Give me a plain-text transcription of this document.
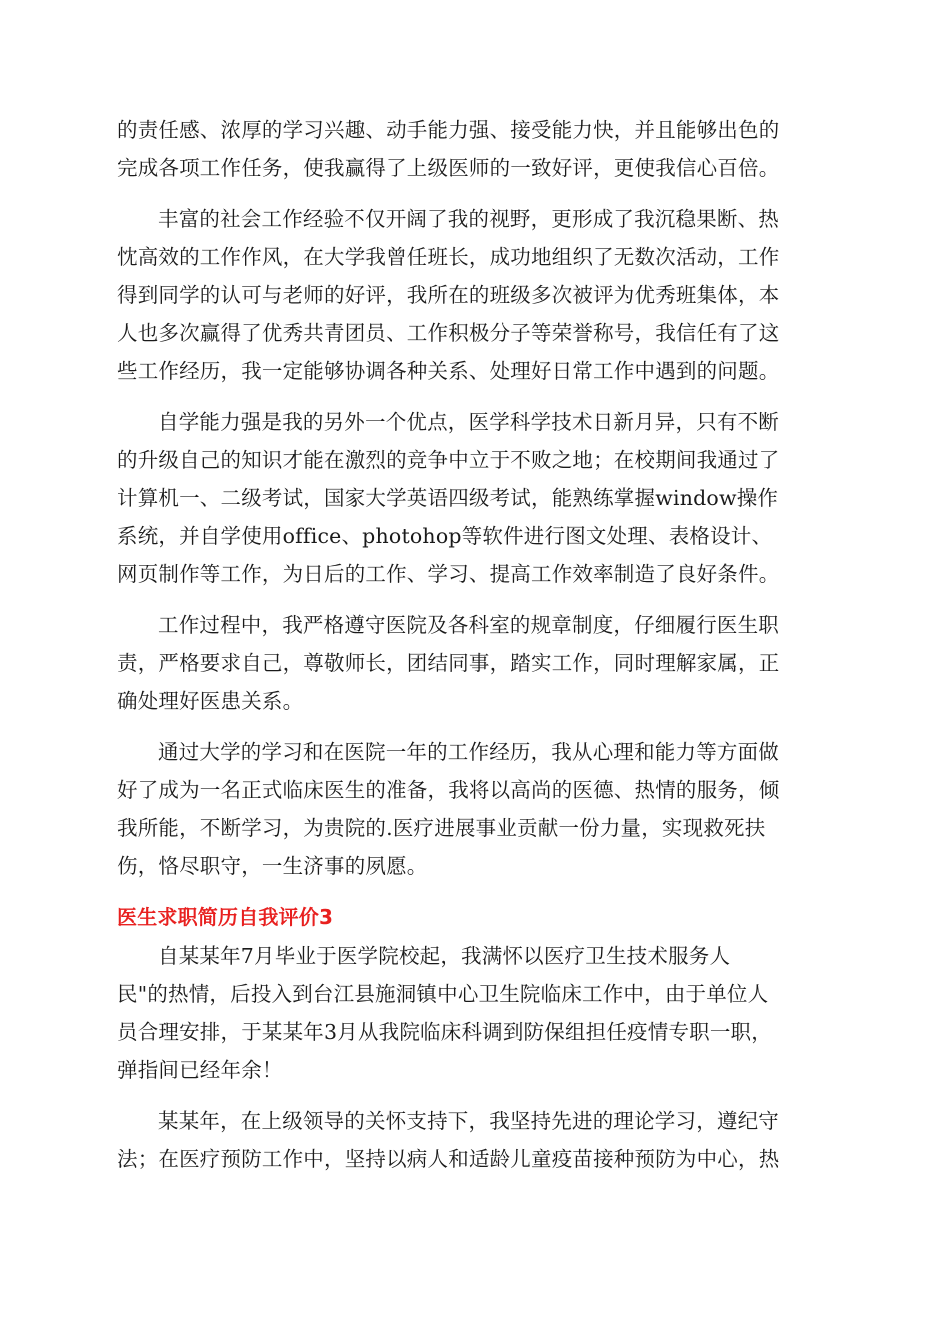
的责任感、浓厚的学习兴趣、动手能力强、接受能力快，并且能够出色的
完成各项工作任务，使我赢得了上级医师的一致好评，更使我信心百倍。

丰富的社会工作经验不仅开阔了我的视野，更形成了我沉稳果断、热
忱高效的工作作风，在大学我曾任班长，成功地组织了无数次活动，工作
得到同学的认可与老师的好评，我所在的班级多次被评为优秀班集体，本
人也多次赢得了优秀共青团员、工作积极分子等荣誉称号，我信任有了这
些工作经历，我一定能够协调各种关系、处理好日常工作中遇到的问题。

自学能力强是我的另外一个优点，医学科学技术日新月异，只有不断
的升级自己的知识才能在激烈的竞争中立于不败之地；在校期间我通过了
计算机一、二级考试，国家大学英语四级考试，能熟练掌握window操作
系统，并自学使用office、photohop等软件进行图文处理、表格设计、
网页制作等工作，为日后的工作、学习、提高工作效率制造了良好条件。

工作过程中，我严格遵守医院及各科室的规章制度，仔细履行医生职
责，严格要求自己，尊敬师长，团结同事，踏实工作，同时理解家属，正
确处理好医患关系。

通过大学的学习和在医院一年的工作经历，我从心理和能力等方面做
好了成为一名正式临床医生的准备，我将以高尚的医德、热情的服务，倾
我所能，不断学习，为贵院的.医疗进展事业贡献一份力量，实现救死扶
伤，恪尽职守，一生济事的夙愿。

医生求职简历自我评价3

自某某年7月毕业于医学院校起，我满怀以医疗卫生技术服务人
民"的热情，后投入到台江县施洞镇中心卫生院临床工作中，由于单位人
员合理安排，于某某年3月从我院临床科调到防保组担任疫情专职一职，
弹指间已经年余！

某某年，在上级领导的关怀支持下，我坚持先进的理论学习，遵纪守
法；在医疗预防工作中，坚持以病人和适龄儿童疫苗接种预防为中心，热
